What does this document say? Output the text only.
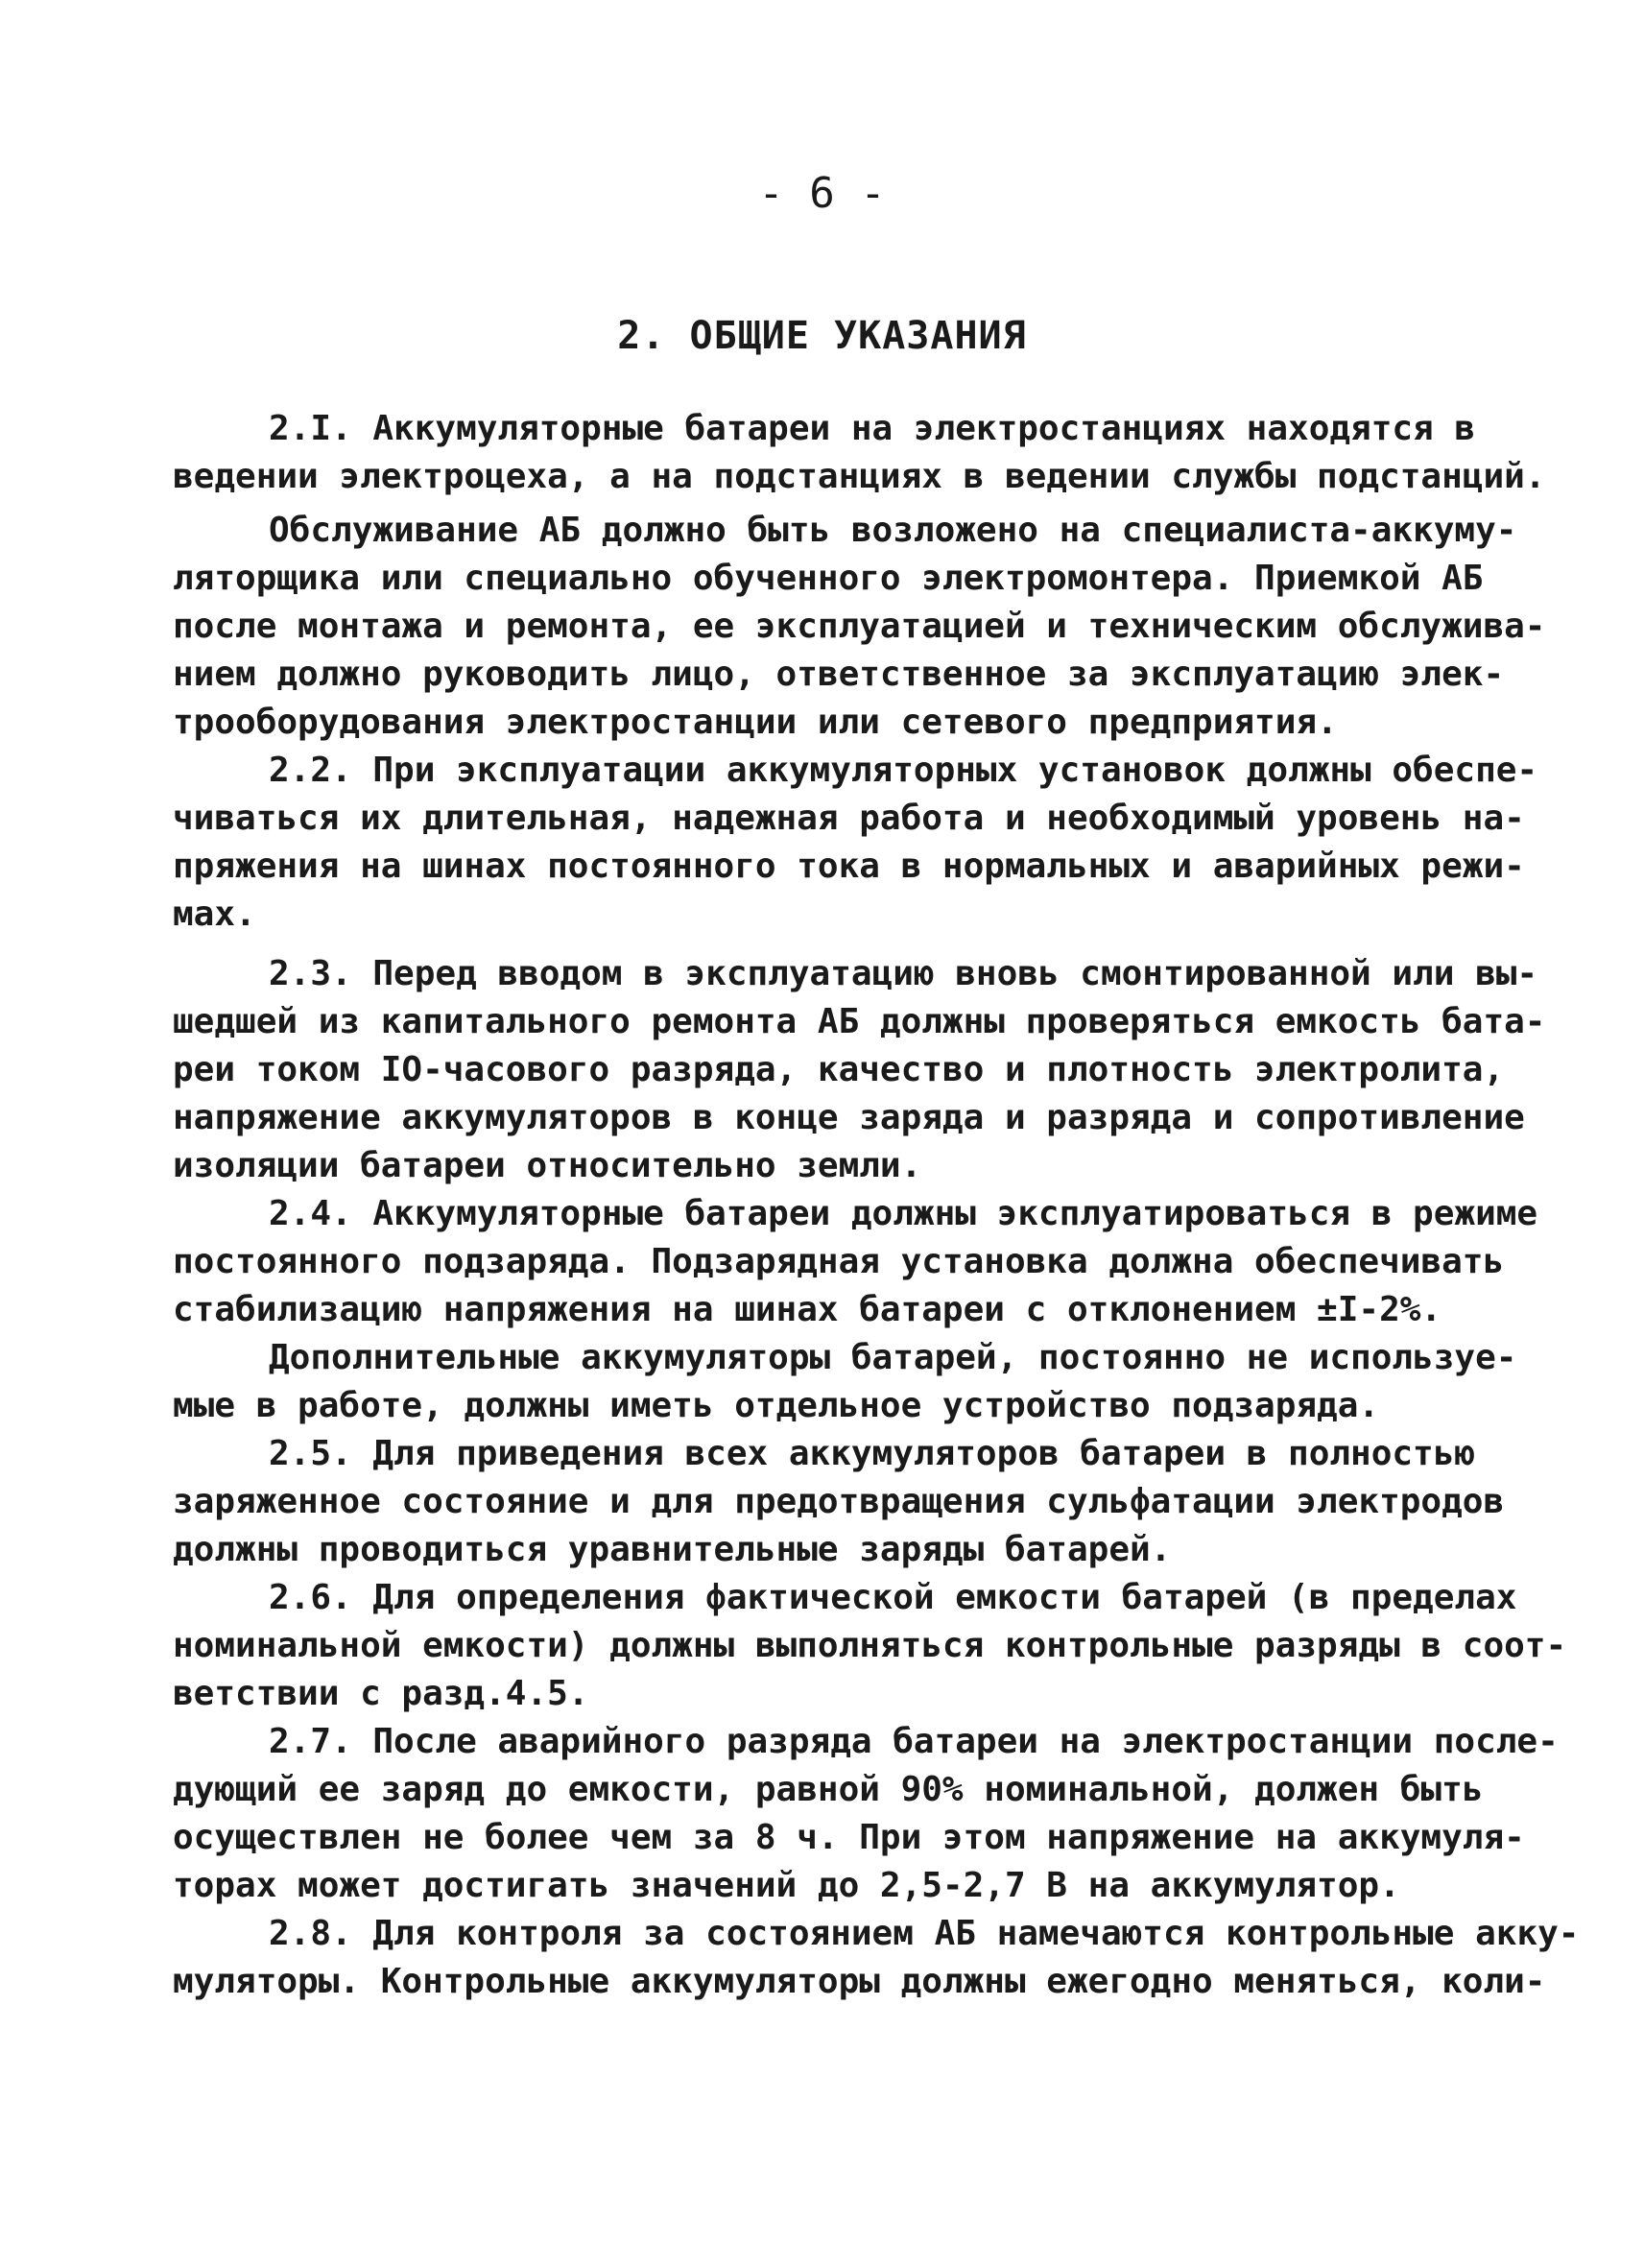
- 6 -
2. ОБЩИЕ УКАЗАНИЯ
2.I. Аккумуляторные батареи на электростанциях находятся в
ведении электроцеха, а на подстанциях в ведении службы подстанций.
Обслуживание АБ должно быть возложено на специалиста-аккуму-
ляторщика или специально обученного электромонтера. Приемкой АБ
после монтажа и ремонта, ее эксплуатацией и техническим обслужива-
нием должно руководить лицо, ответственное за эксплуатацию элек-
трооборудования электростанции или сетевого предприятия.
2.2. При эксплуатации аккумуляторных установок должны обеспе-
чиваться их длительная, надежная работа и необходимый уровень на-
пряжения на шинах постоянного тока в нормальных и аварийных режи-
мах.
2.3. Перед вводом в эксплуатацию вновь смонтированной или вы-
шедшей из капитального ремонта АБ должны проверяться емкость бата-
реи током IO-часового разряда, качество и плотность электролита,
напряжение аккумуляторов в конце заряда и разряда и сопротивление
изоляции батареи относительно земли.
2.4. Аккумуляторные батареи должны эксплуатироваться в режиме
постоянного подзаряда. Подзарядная установка должна обеспечивать
стабилизацию напряжения на шинах батареи с отклонением ±I-2%.
Дополнительные аккумуляторы батарей, постоянно не используе-
мые в работе, должны иметь отдельное устройство подзаряда.
2.5. Для приведения всех аккумуляторов батареи в полностью
заряженное состояние и для предотвращения сульфатации электродов
должны проводиться уравнительные заряды батарей.
2.6. Для определения фактической емкости батарей (в пределах
номинальной емкости) должны выполняться контрольные разряды в соот-
ветствии с разд.4.5.
2.7. После аварийного разряда батареи на электростанции после-
дующий ее заряд до емкости, равной 90% номинальной, должен быть
осуществлен не более чем за 8 ч. При этом напряжение на аккумуля-
торах может достигать значений до 2,5-2,7 В на аккумулятор.
2.8. Для контроля за состоянием АБ намечаются контрольные акку-
муляторы. Контрольные аккумуляторы должны ежегодно меняться, коли-
